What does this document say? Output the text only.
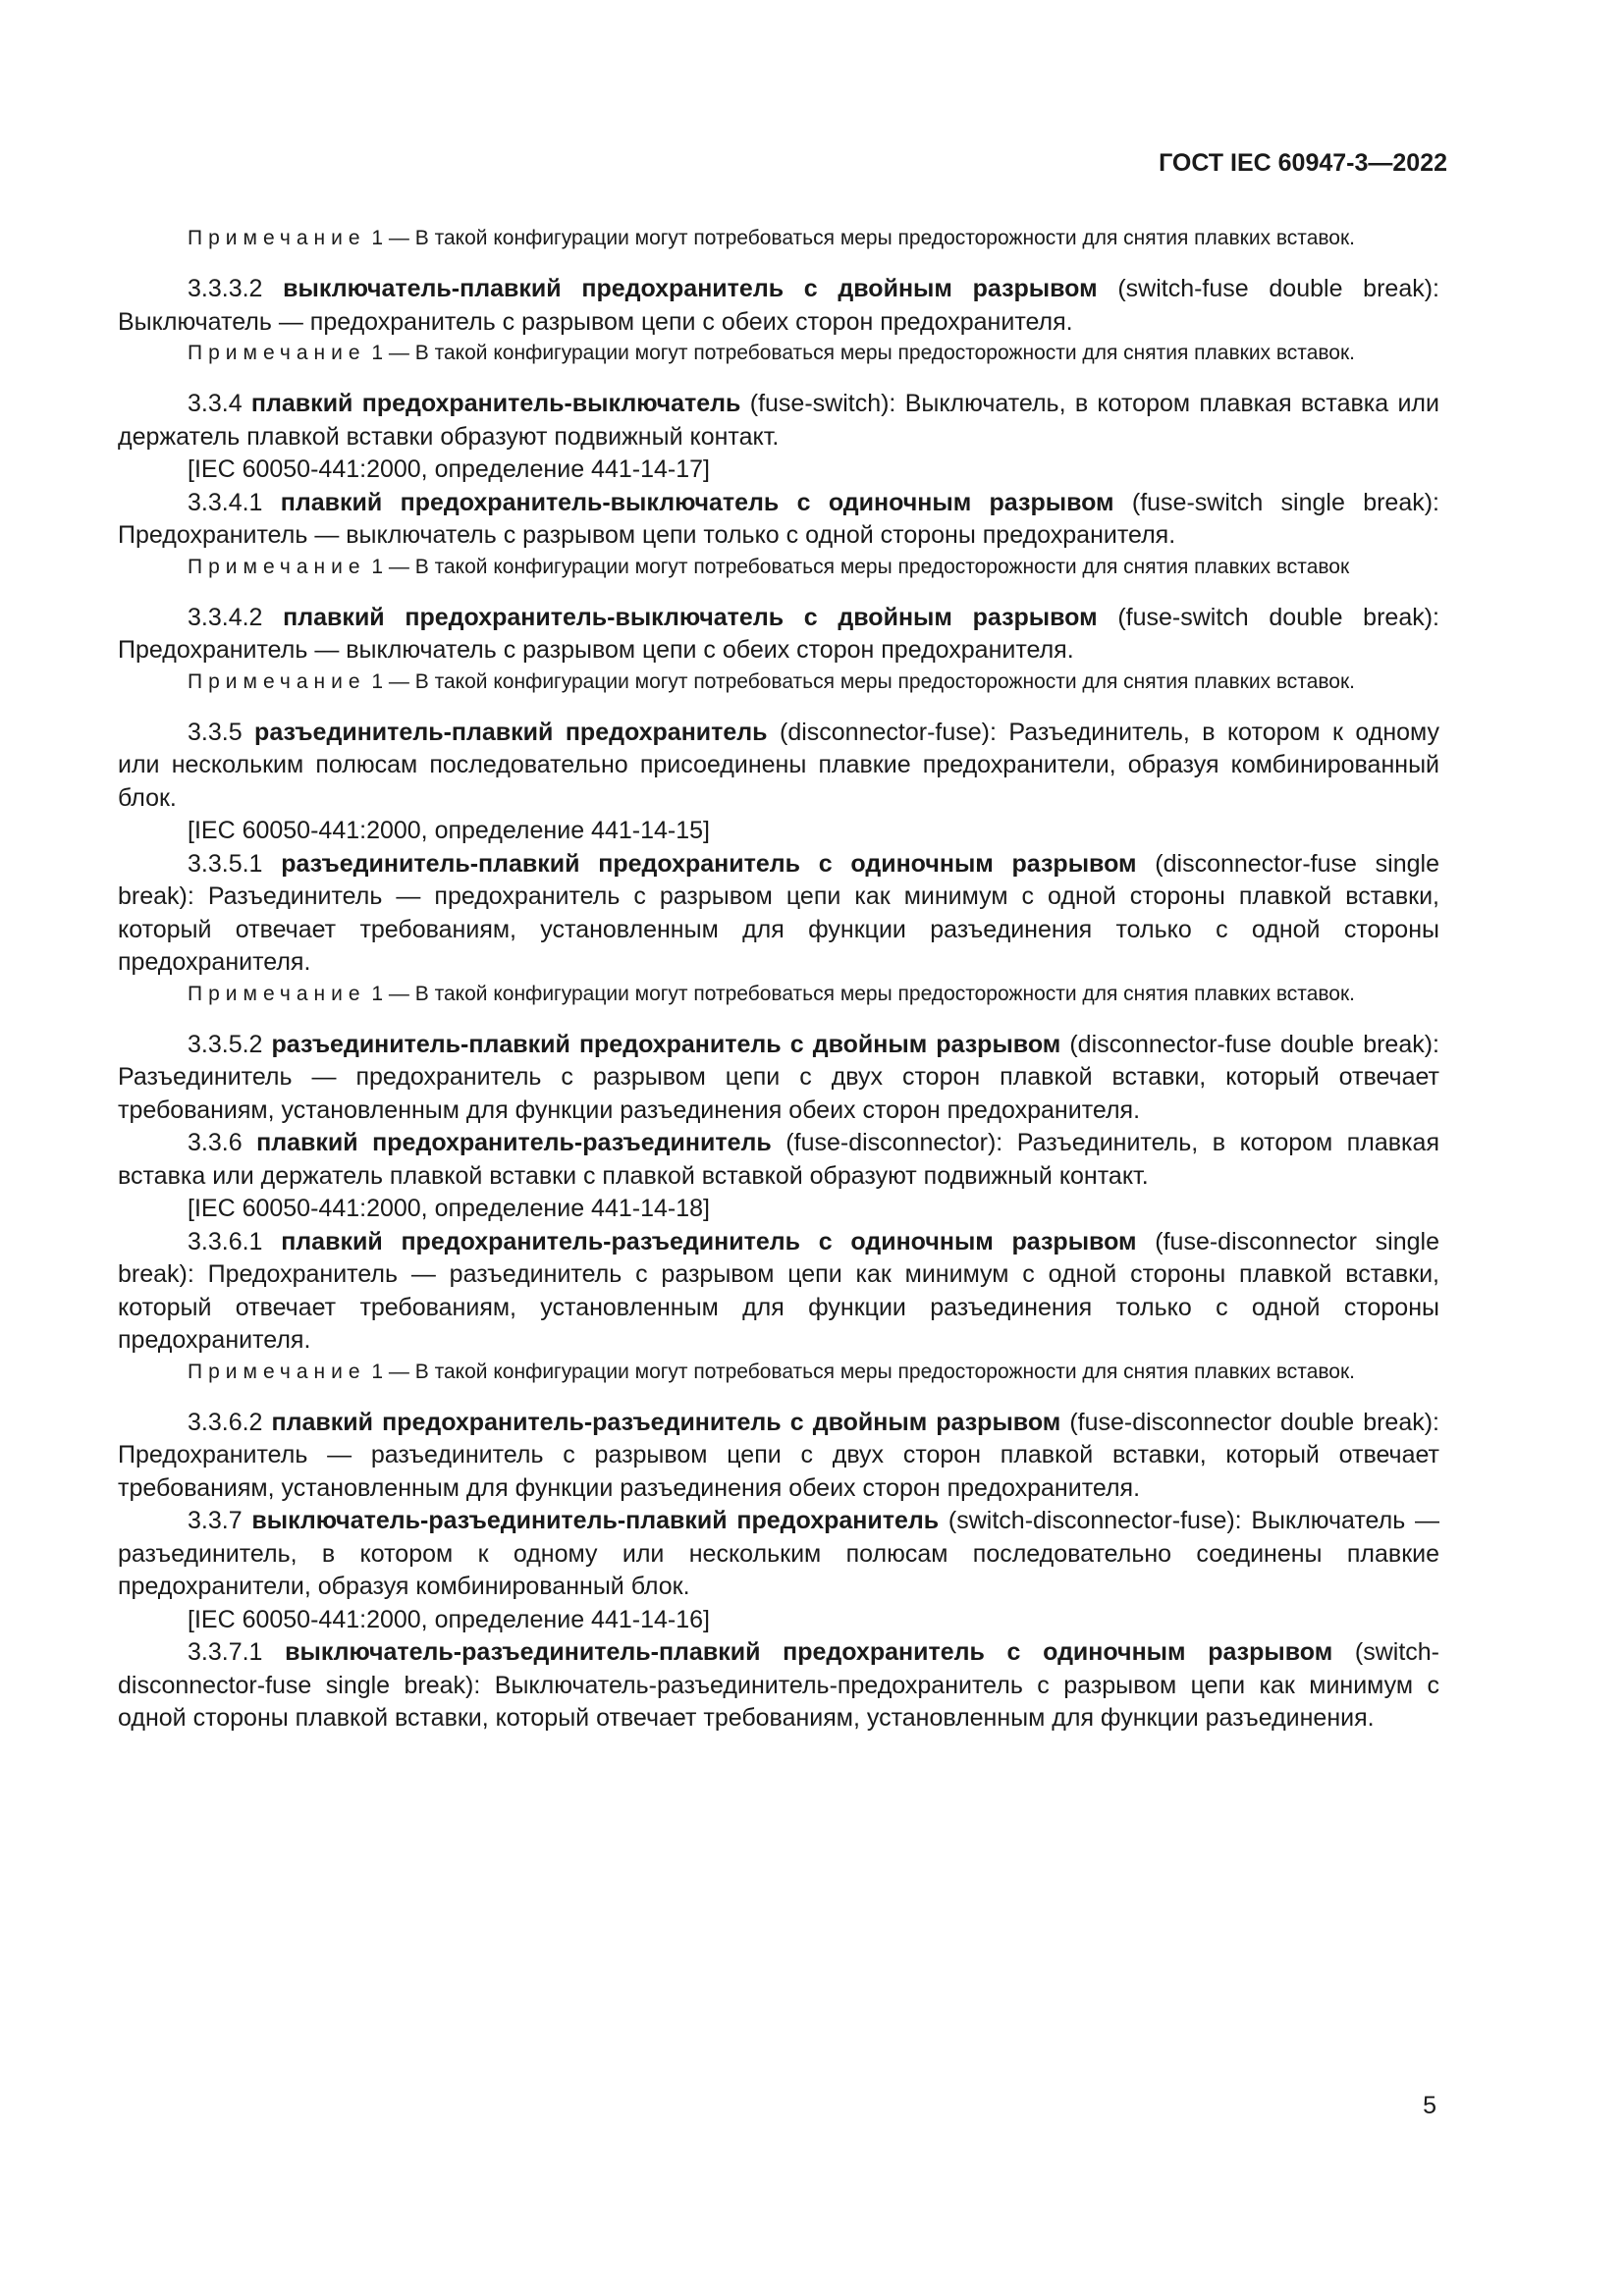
ГОСТ IEC 60947-3—2022

Примечание 1 — В такой конфигурации могут потребоваться меры предосторожности для снятия плавких вставок.

3.3.3.2 выключатель-плавкий предохранитель с двойным разрывом (switch-fuse double break): Выключатель — предохранитель с разрывом цепи с обеих сторон предохранителя.

Примечание 1 — В такой конфигурации могут потребоваться меры предосторожности для снятия плавких вставок.

3.3.4 плавкий предохранитель-выключатель (fuse-switch): Выключатель, в котором плавкая вставка или держатель плавкой вставки образуют подвижный контакт.

[IEC 60050-441:2000, определение 441-14-17]

3.3.4.1 плавкий предохранитель-выключатель с одиночным разрывом (fuse-switch single break): Предохранитель — выключатель с разрывом цепи только с одной стороны предохранителя.

Примечание 1 — В такой конфигурации могут потребоваться меры предосторожности для снятия плавких вставок

3.3.4.2 плавкий предохранитель-выключатель с двойным разрывом (fuse-switch double break): Предохранитель — выключатель с разрывом цепи с обеих сторон предохранителя.

Примечание 1 — В такой конфигурации могут потребоваться меры предосторожности для снятия плавких вставок.

3.3.5 разъединитель-плавкий предохранитель (disconnector-fuse): Разъединитель, в котором к одному или нескольким полюсам последовательно присоединены плавкие предохранители, образуя комбинированный блок.

[IEC 60050-441:2000, определение 441-14-15]

3.3.5.1 разъединитель-плавкий предохранитель с одиночным разрывом (disconnector-fuse single break): Разъединитель — предохранитель с разрывом цепи как минимум с одной стороны плавкой вставки, который отвечает требованиям, установленным для функции разъединения только с одной стороны предохранителя.

Примечание 1 — В такой конфигурации могут потребоваться меры предосторожности для снятия плавких вставок.

3.3.5.2 разъединитель-плавкий предохранитель с двойным разрывом (disconnector-fuse double break): Разъединитель — предохранитель с разрывом цепи с двух сторон плавкой вставки, который отвечает требованиям, установленным для функции разъединения обеих сторон предохранителя.

3.3.6 плавкий предохранитель-разъединитель (fuse-disconnector): Разъединитель, в котором плавкая вставка или держатель плавкой вставки с плавкой вставкой образуют подвижный контакт.

[IEC 60050-441:2000, определение 441-14-18]

3.3.6.1 плавкий предохранитель-разъединитель с одиночным разрывом (fuse-disconnector single break): Предохранитель — разъединитель с разрывом цепи как минимум с одной стороны плавкой вставки, который отвечает требованиям, установленным для функции разъединения только с одной стороны предохранителя.

Примечание 1 — В такой конфигурации могут потребоваться меры предосторожности для снятия плавких вставок.

3.3.6.2 плавкий предохранитель-разъединитель с двойным разрывом (fuse-disconnector double break): Предохранитель — разъединитель с разрывом цепи с двух сторон плавкой вставки, который отвечает требованиям, установленным для функции разъединения обеих сторон предохранителя.

3.3.7 выключатель-разъединитель-плавкий предохранитель (switch-disconnector-fuse): Выключатель — разъединитель, в котором к одному или нескольким полюсам последовательно соединены плавкие предохранители, образуя комбинированный блок.

[IEC 60050-441:2000, определение 441-14-16]

3.3.7.1 выключатель-разъединитель-плавкий предохранитель с одиночным разрывом (switch-disconnector-fuse single break): Выключатель-разъединитель-предохранитель с разрывом цепи как минимум с одной стороны плавкой вставки, который отвечает требованиям, установленным для функции разъединения.

5
